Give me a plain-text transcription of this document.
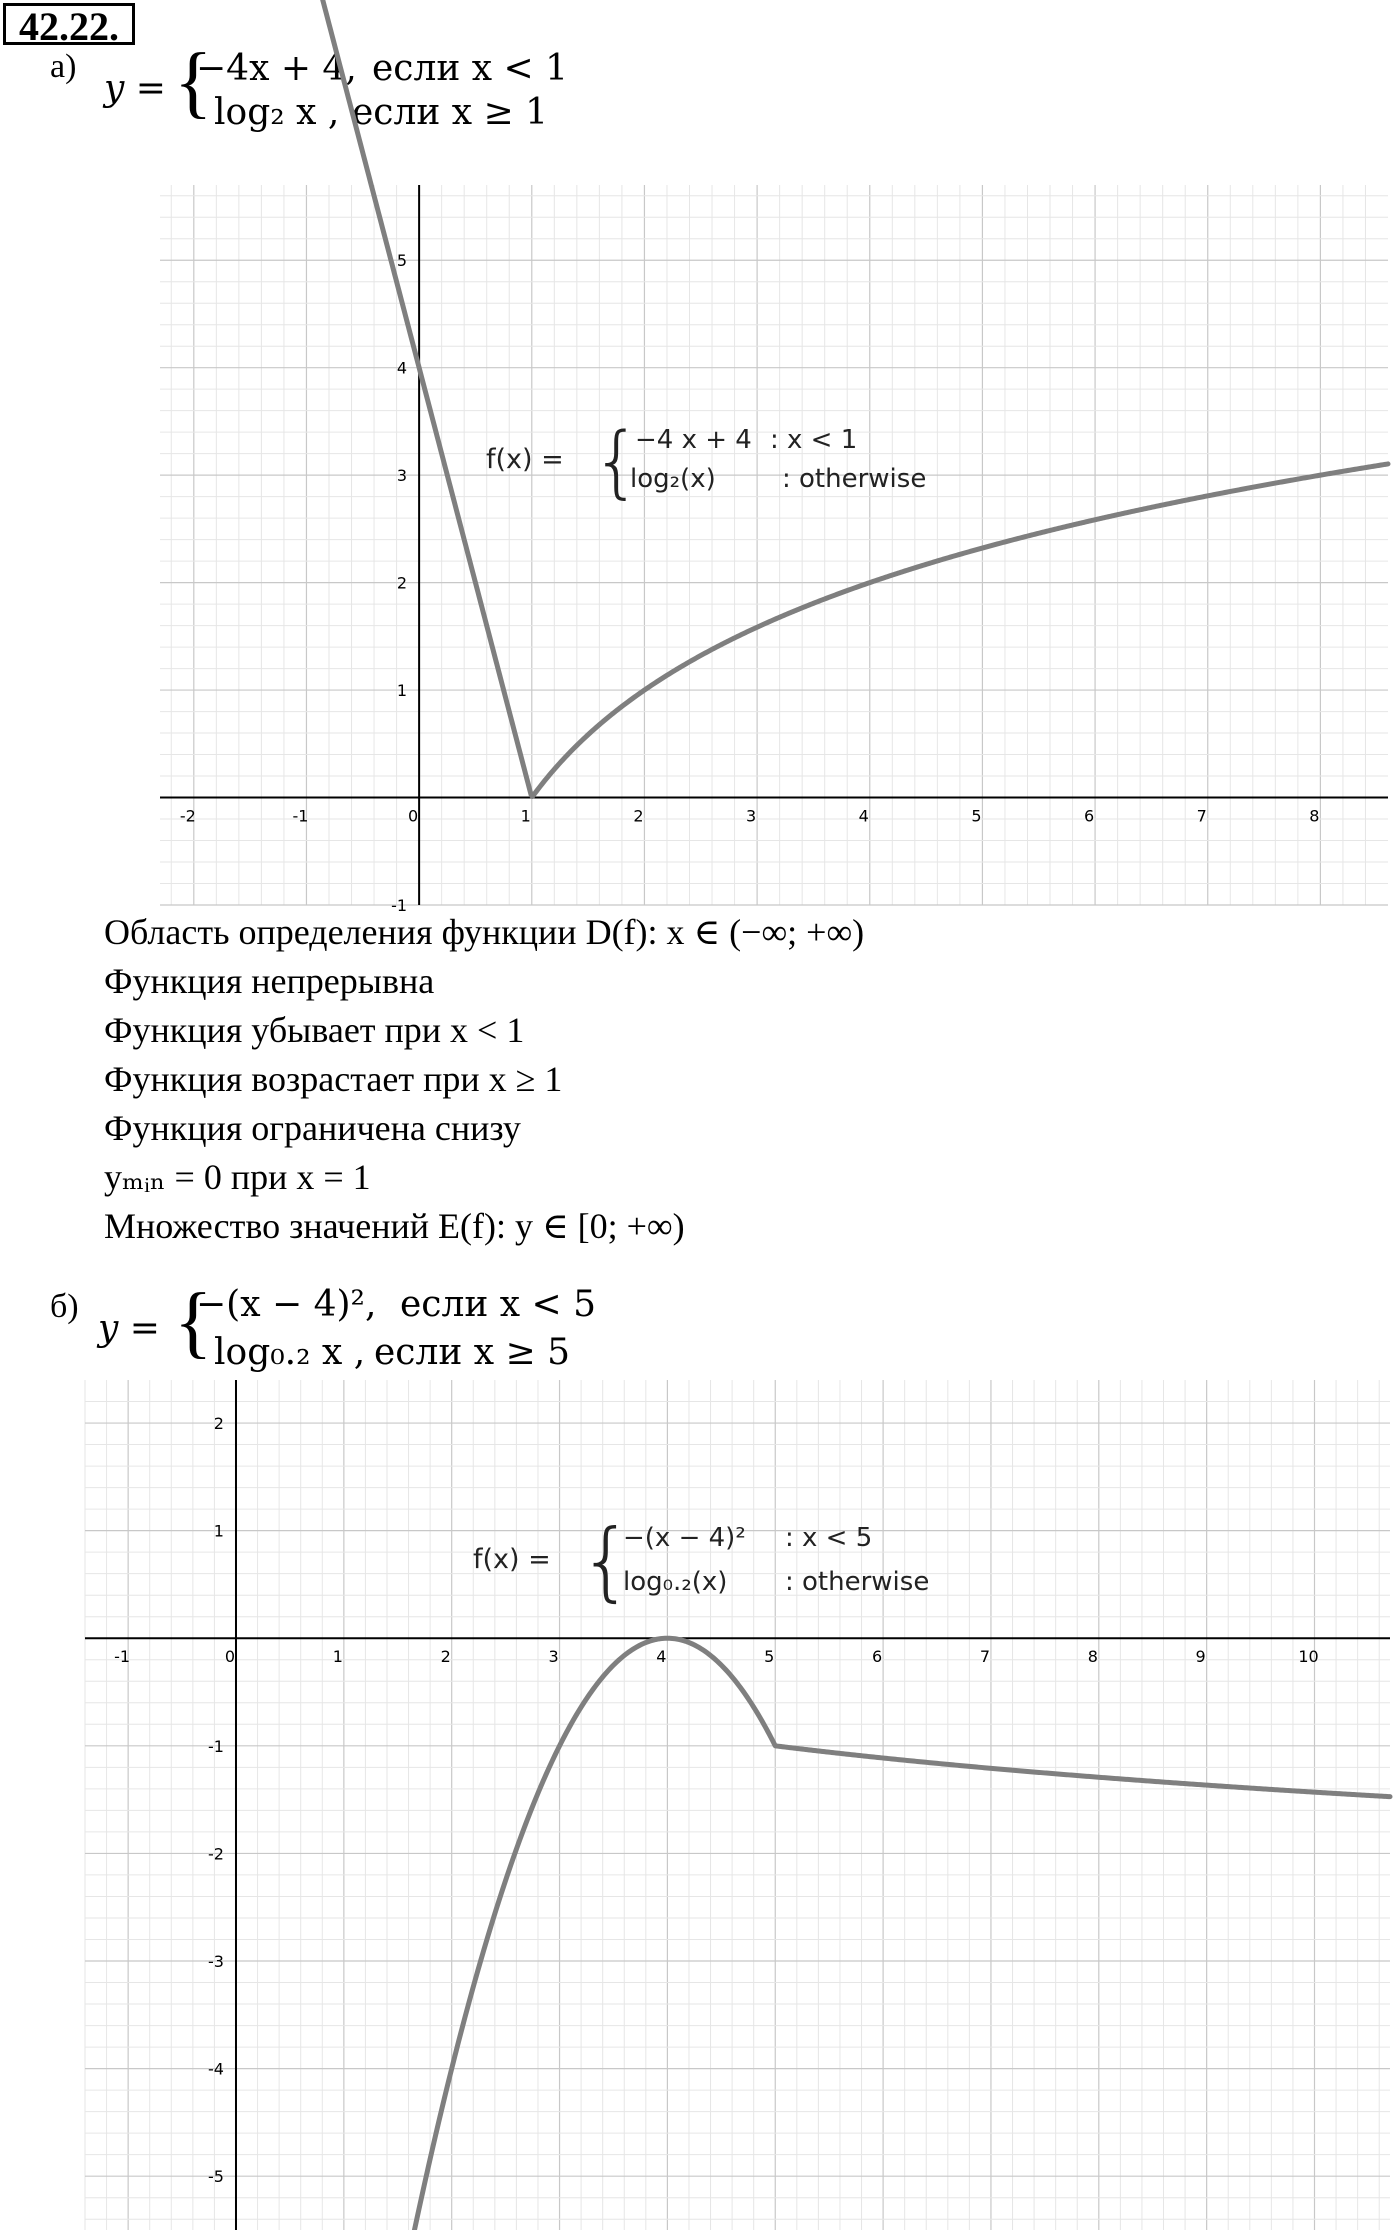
42.22.
а)
y = {
−4x + 4, если x < 1
log₂ x , если x ≥ 1
-2	-1	0	1	2	3	4	5	6	7	8
-1
1
2
3
4
5
f(x) = {
−4 x + 4 : x < 1
log₂(x)	: otherwise
Область определения функции D(f): x ∈ (−∞; +∞)
Функция непрерывна
Функция убывает при x < 1
Функция возрастает при x ≥ 1
Функция ограничена снизу
yₘᵢₙ = 0 при x = 1
Множество значений E(f): y ∈ [0; +∞)
б)
y = {
−(x − 4)², если x < 5
log₀.₂ x , если x ≥ 5
-1	0	1	2	3	4	5	6	7	8	9	10
-5
-4
-3
-2
-1
1
2
f(x) = {
−(x − 4)² : x < 5
log₀.₂(x) : otherwise
